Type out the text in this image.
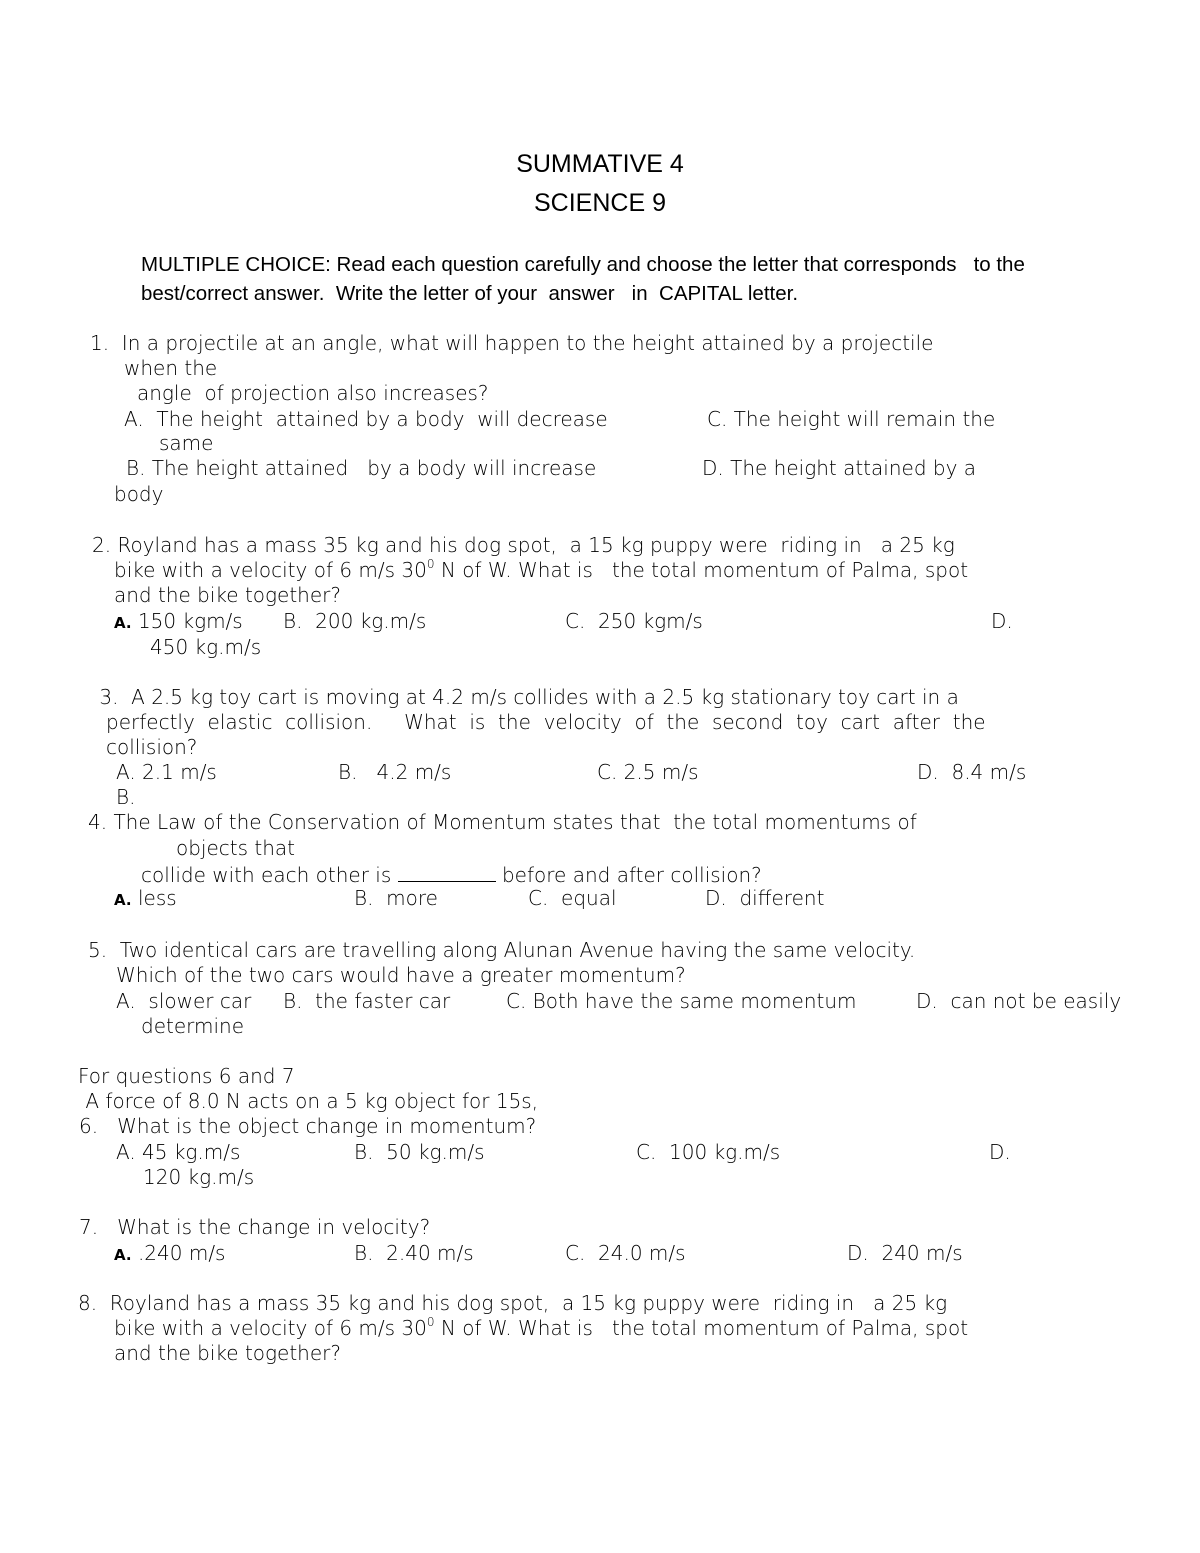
SUMMATIVE 4
SCIENCE 9
MULTIPLE CHOICE: Read each question carefully and choose the letter that corresponds   to the
best/correct answer.  Write the letter of your  answer   in  CAPITAL letter.
1.  In a projectile at an angle, what will happen to the height attained by a projectile
when the
angle  of projection also increases?
A.  The height  attained by a body  will decrease	C. The height will remain the
same
B. The height attained   by a body will increase	D. The height attained by a
body
2. Royland has a mass 35 kg and his dog spot,  a 15 kg puppy were  riding in   a 25 kg
bike with a velocity of 6 m/s $30^0$ N of W. What is   the total momentum of Palma, spot
and the bike together?
A. 150 kgm/s B.  200 kg.m/s	C.  250 kgm/s	D.
450 kg.m/s
3.  A 2.5 kg toy cart is moving at 4.2 m/s collides with a 2.5 kg stationary toy cart in a
perfectly  elastic  collision.     What  is  the  velocity  of  the  second  toy  cart  after  the
collision?
A. 2.1 m/s	B.   4.2 m/s	C. 2.5 m/s	D.  8.4 m/s
B.
4. The Law of the Conservation of Momentum states that  the total momentums of
objects that
collide with each other is	before and after collision?
A. less	B.  more	C.  equal	D.  different
5.  Two identical cars are travelling along Alunan Avenue having the same velocity.
Which of the two cars would have a greater momentum?
A.  slower car B.  the faster car	C. Both have the same momentum	D.  can not be easily
determine
For questions 6 and 7
A force of 8.0 N acts on a 5 kg object for 15s,
6.   What is the object change in momentum?
A. 45 kg.m/s	B.  50 kg.m/s	C.  100 kg.m/s	D.
120 kg.m/s
7.   What is the change in velocity?
A. .240 m/s	B.  2.40 m/s	C.  24.0 m/s	D.  240 m/s
8.  Royland has a mass 35 kg and his dog spot,  a 15 kg puppy were  riding in   a 25 kg
bike with a velocity of 6 m/s $30^0$ N of W. What is   the total momentum of Palma, spot
and the bike together?
